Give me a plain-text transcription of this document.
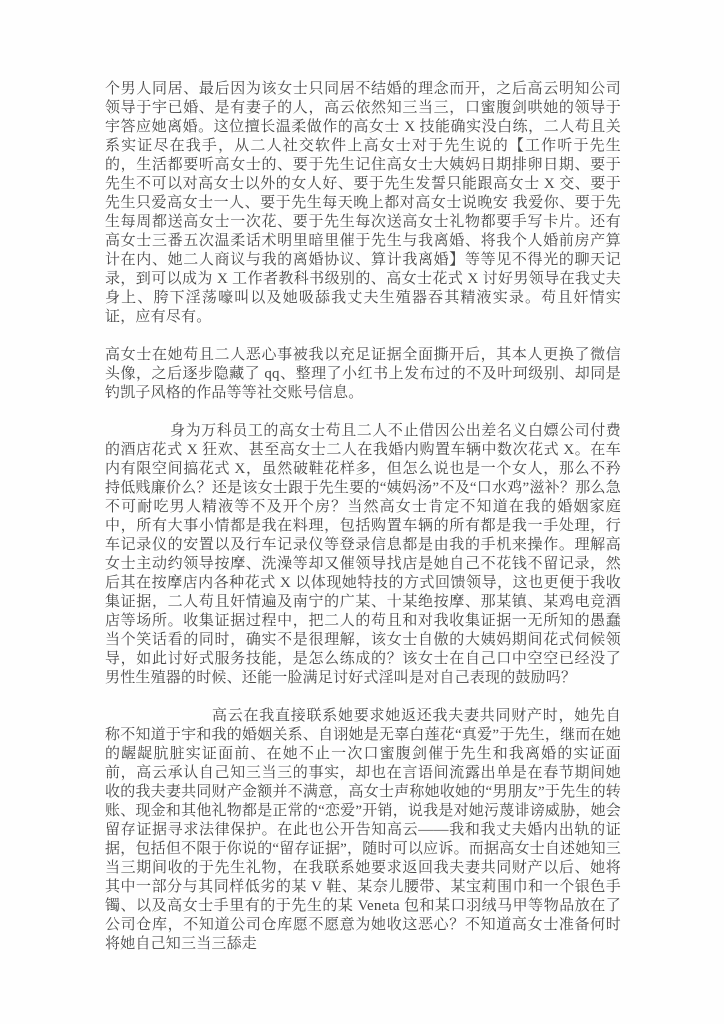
个男人同居、最后因为该女士只同居不结婚的理念而开，之后高云明知公司领导于宇已婚、是有妻子的人，高云依然知三当三，口蜜腹剑哄她的领导于宇答应她离婚。这位擅长温柔做作的高女士 X 技能确实没白练，二人苟且关系实证尽在我手，从二人社交软件上高女士对于先生说的【工作听于先生的，生活都要听高女士的、要于先生记住高女士大姨妈日期排卵日期、要于先生不可以对高女士以外的女人好、要于先生发誓只能跟高女士 X 交、要于先生只爱高女士一人、要于先生每天晚上都对高女士说晚安 我爱你、要于先生每周都送高女士一次花、要于先生每次送高女士礼物都要手写卡片。还有高女士三番五次温柔话术明里暗里催于先生与我离婚、将我个人婚前房产算计在内、她二人商议与我的离婚协议、算计我离婚】等等见不得光的聊天记录，到可以成为 X 工作者教科书级别的、高女士花式 X 讨好男领导在我丈夫身上、胯下淫荡嚎叫以及她吸舔我丈夫生殖器吞其精液实录。苟且奸情实证，应有尽有。

高女士在她苟且二人恶心事被我以充足证据全面撕开后，其本人更换了微信头像，之后逐步隐藏了 qq、整理了小红书上发布过的不及叶珂级别、却同是钓凯子风格的作品等等社交账号信息。

身为万科员工的高女士苟且二人不止借因公出差名义白嫖公司付费的酒店花式 X 狂欢、甚至高女士二人在我婚内购置车辆中数次花式 X。在车内有限空间搞花式 X，虽然破鞋花样多，但怎么说也是一个女人，那么不矜持低贱廉价么？还是该女士跟于先生要的“姨妈汤”不及“口水鸡”滋补？那么急不可耐吃男人精液等不及开个房？当然高女士肯定不知道在我的婚姻家庭中，所有大事小情都是我在料理，包括购置车辆的所有都是我一手处理，行车记录仪的安置以及行车记录仪等登录信息都是由我的手机来操作。理解高女士主动约领导按摩、洗澡等却又催领导找店是她自己不花钱不留记录，然后其在按摩店内各种花式 X 以体现她特技的方式回馈领导，这也更便于我收集证据，二人苟且奸情遍及南宁的广某、十某绝按摩、那某镇、某鸡电竞酒店等场所。收集证据过程中，把二人的苟且和对我收集证据一无所知的愚蠢当个笑话看的同时，确实不是很理解，该女士自傲的大姨妈期间花式伺候领导，如此讨好式服务技能，是怎么练成的？该女士在自己口中空空已经没了男性生殖器的时候、还能一脸满足讨好式淫叫是对自己表现的鼓励吗？

高云在我直接联系她要求她返还我夫妻共同财产时，她先自称不知道于宇和我的婚姻关系、自诩她是无辜白莲花“真爱”于先生，继而在她的龌龊肮脏实证面前、在她不止一次口蜜腹剑催于先生和我离婚的实证面前，高云承认自己知三当三的事实，却也在言语间流露出单是在春节期间她收的我夫妻共同财产金额并不满意，高女士声称她收她的“男朋友”于先生的转账、现金和其他礼物都是正常的“恋爱”开销，说我是对她污蔑诽谤威胁，她会留存证据寻求法律保护。在此也公开告知高云——我和我丈夫婚内出轨的证据，包括但不限于你说的“留存证据”，随时可以应诉。而据高女士自述她知三当三期间收的于先生礼物，在我联系她要求返回我夫妻共同财产以后、她将其中一部分与其同样低劣的某 V 鞋、某奈儿腰带、某宝莉围巾和一个银色手镯、以及高女士手里有的于先生的某 Veneta 包和某口羽绒马甲等物品放在了公司仓库，不知道公司仓库愿不愿意为她收这恶心？不知道高女士准备何时将她自己知三当三舔走
